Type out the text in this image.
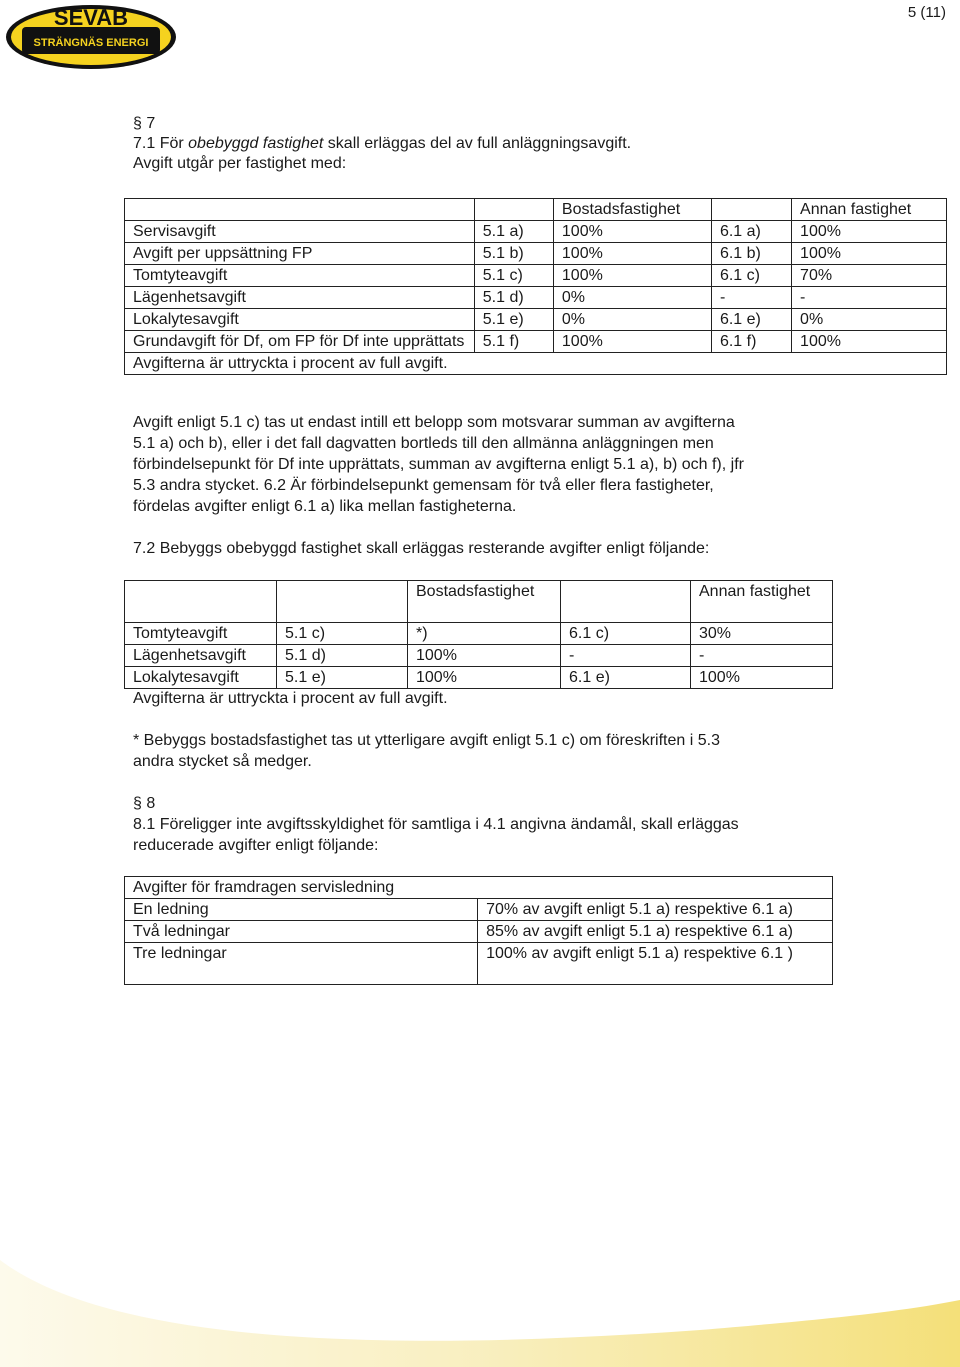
SEVAB
STRÄNGNÄS ENERGI
5 (11)
§ 7
7.1 För obebyggd fastighet skall erläggas del av full anläggningsavgift.
Avgift utgår per fastighet med:
		Bostadsfastighet		Annan fastighet
Servisavgift	5.1 a)	100%	6.1 a)	100%
Avgift per uppsättning FP	5.1 b)	100%	6.1 b)	100%
Tomtyteavgift	5.1 c)	100%	6.1 c)	70%
Lägenhetsavgift	5.1 d)	0%	-	-
Lokalytesavgift	5.1 e)	0%	6.1 e)	0%
Grundavgift för Df, om FP för Df inte upprättats	5.1 f)	100%	6.1 f)	100%
Avgifterna är uttryckta i procent av full avgift.				
Avgift enligt 5.1 c) tas ut endast intill ett belopp som motsvarar summan av avgifterna
5.1 a) och b), eller i det fall dagvatten bortleds till den allmänna anläggningen men
förbindelsepunkt för Df inte upprättats, summan av avgifterna enligt 5.1 a), b) och f), jfr
5.3 andra stycket. 6.2 Är förbindelsepunkt gemensam för två eller flera fastigheter,
fördelas avgifter enligt 6.1 a) lika mellan fastigheterna.
7.2 Bebyggs obebyggd fastighet skall erläggas resterande avgifter enligt följande:
		Bostadsfastighet		Annan fastighet
Tomtyteavgift	5.1 c)	*)	6.1 c)	30%
Lägenhetsavgift	5.1 d)	100%	-	-
Lokalytesavgift	5.1 e)	100%	6.1 e)	100%
Avgifterna är uttryckta i procent av full avgift.
* Bebyggs bostadsfastighet tas ut ytterligare avgift enligt 5.1 c) om föreskriften i 5.3
andra stycket så medger.
§ 8
8.1 Föreligger inte avgiftsskyldighet för samtliga i 4.1 angivna ändamål, skall erläggas
reducerade avgifter enligt följande:
Avgifter för framdragen servisledning	
En ledning	70% av avgift enligt 5.1 a) respektive 6.1 a)
Två ledningar	85% av avgift enligt 5.1 a) respektive 6.1 a)
Tre ledningar	100% av avgift enligt 5.1 a) respektive 6.1 )
